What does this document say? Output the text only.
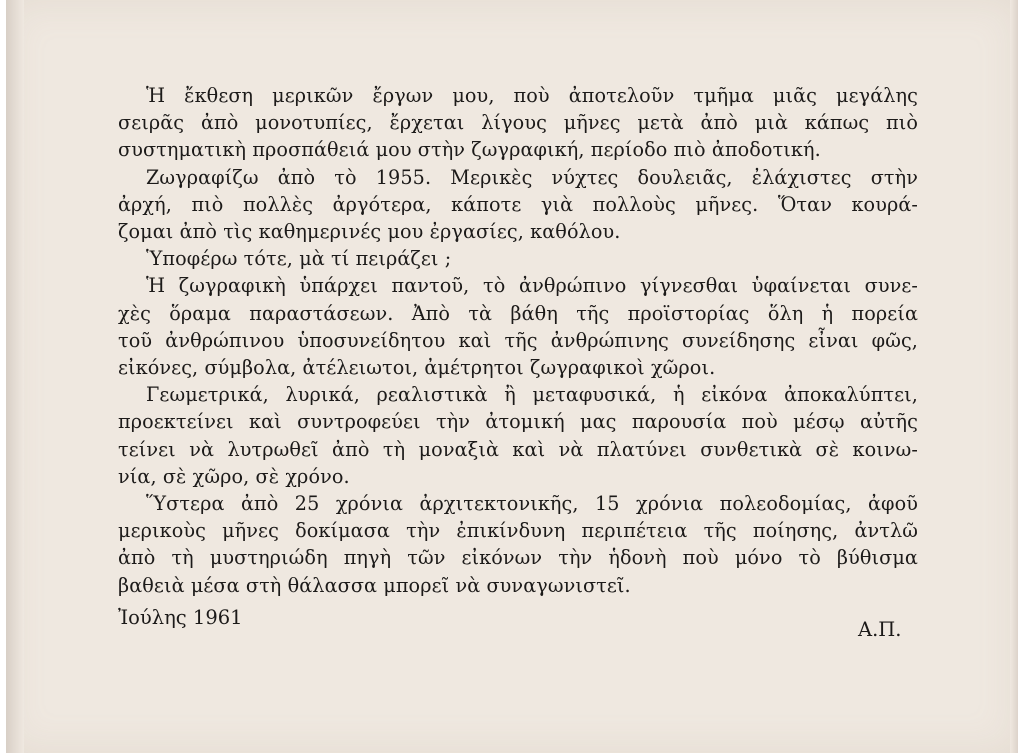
Ἡ ἔκθεση μερικῶν ἔργων μου, ποὺ ἀποτελοῦν τμῆμα μιᾶς μεγάλης
σειρᾶς ἀπὸ μονοτυπίες, ἔρχεται λίγους μῆνες μετὰ ἀπὸ μιὰ κάπως πιὸ
συστηματικὴ προσπάθειά μου στὴν ζωγραφική, περίοδο πιὸ ἀποδοτική.
Ζωγραφίζω ἀπὸ τὸ 1955. Μερικὲς νύχτες δουλειᾶς, ἐλάχιστες στὴν
ἀρχή, πιὸ πολλὲς ἀργότερα, κάποτε γιὰ πολλοὺς μῆνες. Ὅταν κουρά-
ζομαι ἀπὸ τὶς καθημερινές μου ἐργασίες, καθόλου.
Ὑποφέρω τότε, μὰ τί πειράζει ;
Ἡ ζωγραφικὴ ὑπάρχει παντοῦ, τὸ ἀνθρώπινο γίγνεσθαι ὑφαίνεται συνε-
χὲς ὅραμα παραστάσεων. Ἀπὸ τὰ βάθη τῆς προϊστορίας ὅλη ἡ πορεία
τοῦ ἀνθρώπινου ὑποσυνείδητου καὶ τῆς ἀνθρώπινης συνείδησης εἶναι φῶς,
εἰκόνες, σύμβολα, ἀτέλειωτοι, ἀμέτρητοι ζωγραφικοὶ χῶροι.
Γεωμετρικά, λυρικά, ρεαλιστικὰ ἢ μεταφυσικά, ἡ εἰκόνα ἀποκαλύπτει,
προεκτείνει καὶ συντροφεύει τὴν ἀτομική μας παρουσία ποὺ μέσῳ αὐτῆς
τείνει νὰ λυτρωθεῖ ἀπὸ τὴ μοναξιὰ καὶ νὰ πλατύνει συνθετικὰ σὲ κοινω-
νία, σὲ χῶρο, σὲ χρόνο.
Ὕστερα ἀπὸ 25 χρόνια ἀρχιτεκτονικῆς, 15 χρόνια πολεοδομίας, ἀφοῦ
μερικοὺς μῆνες δοκίμασα τὴν ἐπικίνδυνη περιπέτεια τῆς ποίησης, ἀντλῶ
ἀπὸ τὴ μυστηριώδη πηγὴ τῶν εἰκόνων τὴν ἡδονὴ ποὺ μόνο τὸ βύθισμα
βαθειὰ μέσα στὴ θάλασσα μπορεῖ νὰ συναγωνιστεῖ.
Ἰούλης 1961
Α.Π.
